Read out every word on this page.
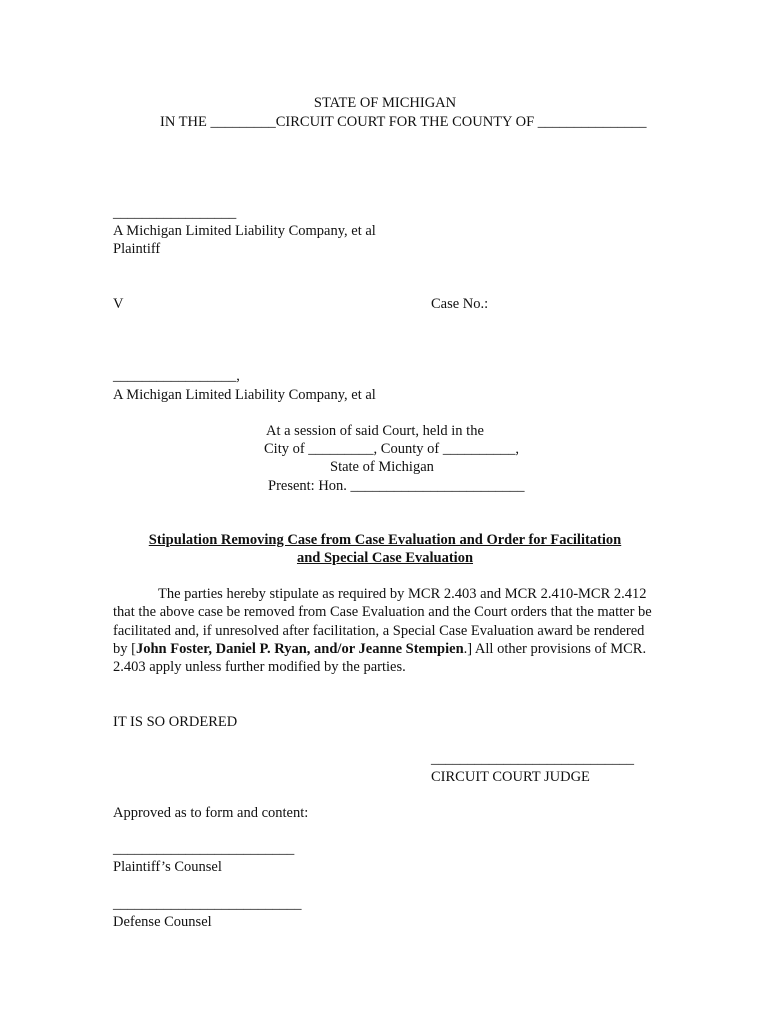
STATE OF MICHIGAN
IN THE _________CIRCUIT COURT FOR THE COUNTY OF _______________
_________________
A Michigan Limited Liability Company, et al
Plaintiff
V	Case No.:
_________________,
A Michigan Limited Liability Company, et al
At a session of said Court, held in the
City of _________, County of __________,
State of Michigan
Present: Hon. ________________________
Stipulation Removing Case from Case Evaluation and Order for Facilitation
and Special Case Evaluation
The parties hereby stipulate as required by MCR 2.403 and MCR 2.410-MCR 2.412 that the above case be removed from Case Evaluation and the Court orders that the matter be facilitated and, if unresolved after facilitation, a Special Case Evaluation award be rendered by [John Foster, Daniel P. Ryan, and/or Jeanne Stempien.] All other provisions of MCR. 2.403 apply unless further modified by the parties.
IT IS SO ORDERED
____________________________
CIRCUIT COURT JUDGE
Approved as to form and content:
_________________________
Plaintiff’s Counsel
__________________________
Defense Counsel
